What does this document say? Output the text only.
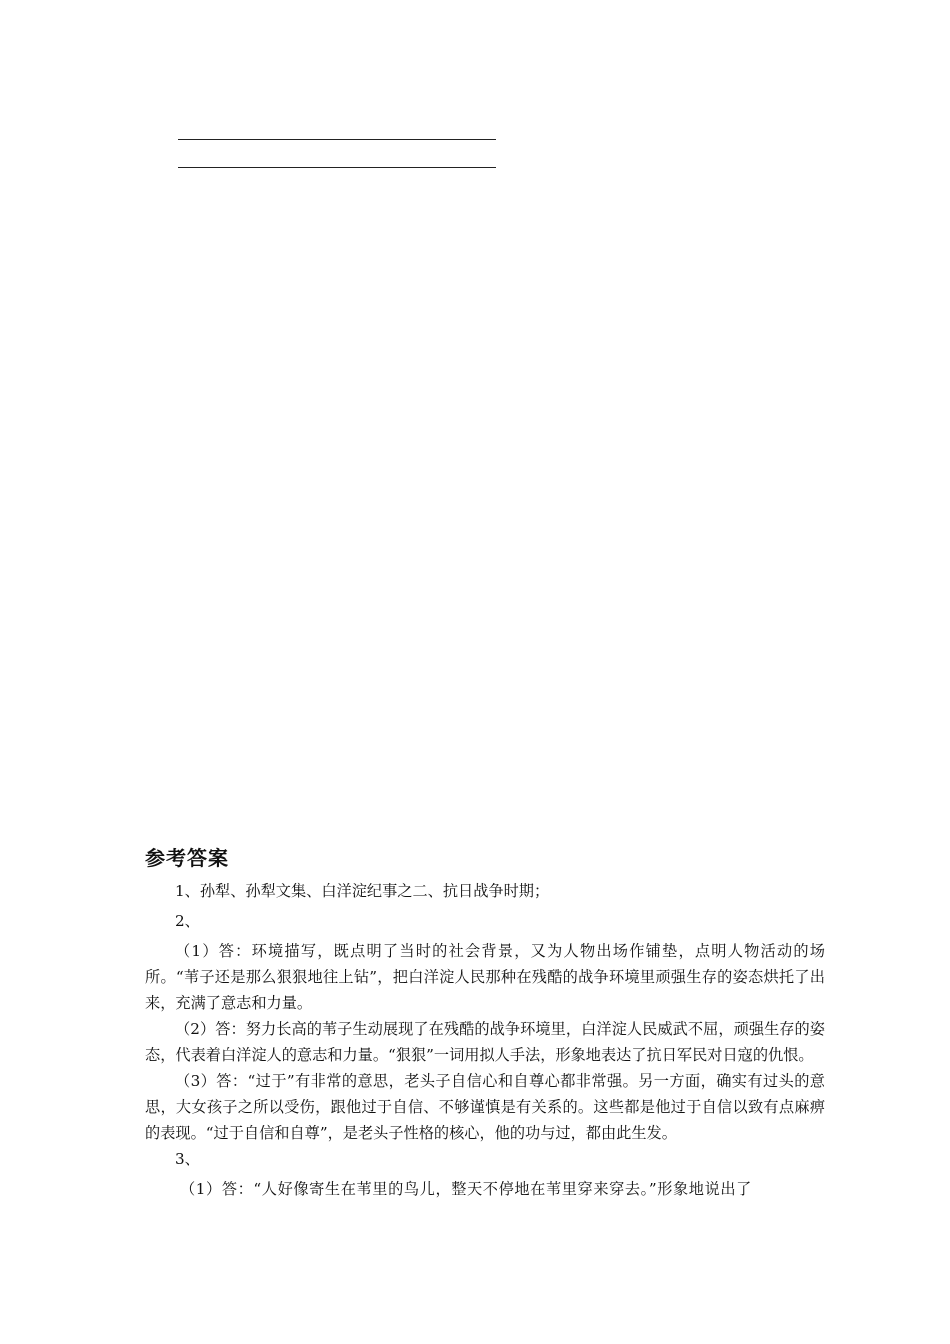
参考答案

1、孙犁、孙犁文集、白洋淀纪事之二、抗日战争时期；

2、

（1）答：环境描写，既点明了当时的社会背景，又为人物出场作铺垫，点明人物活动的场所。“苇子还是那么狠狠地往上钻”，把白洋淀人民那种在残酷的战争环境里顽强生存的姿态烘托了出来，充满了意志和力量。

（2）答：努力长高的苇子生动展现了在残酷的战争环境里，白洋淀人民威武不屈，顽强生存的姿态，代表着白洋淀人的意志和力量。“狠狠”一词用拟人手法，形象地表达了抗日军民对日寇的仇恨。

（3）答：“过于”有非常的意思，老头子自信心和自尊心都非常强。另一方面，确实有过头的意思，大女孩子之所以受伤，跟他过于自信、不够谨慎是有关系的。这些都是他过于自信以致有点麻痹的表现。“过于自信和自尊”，是老头子性格的核心，他的功与过，都由此生发。

3、

（1）答：“人好像寄生在苇里的鸟儿，整天不停地在苇里穿来穿去。”形象地说出了
